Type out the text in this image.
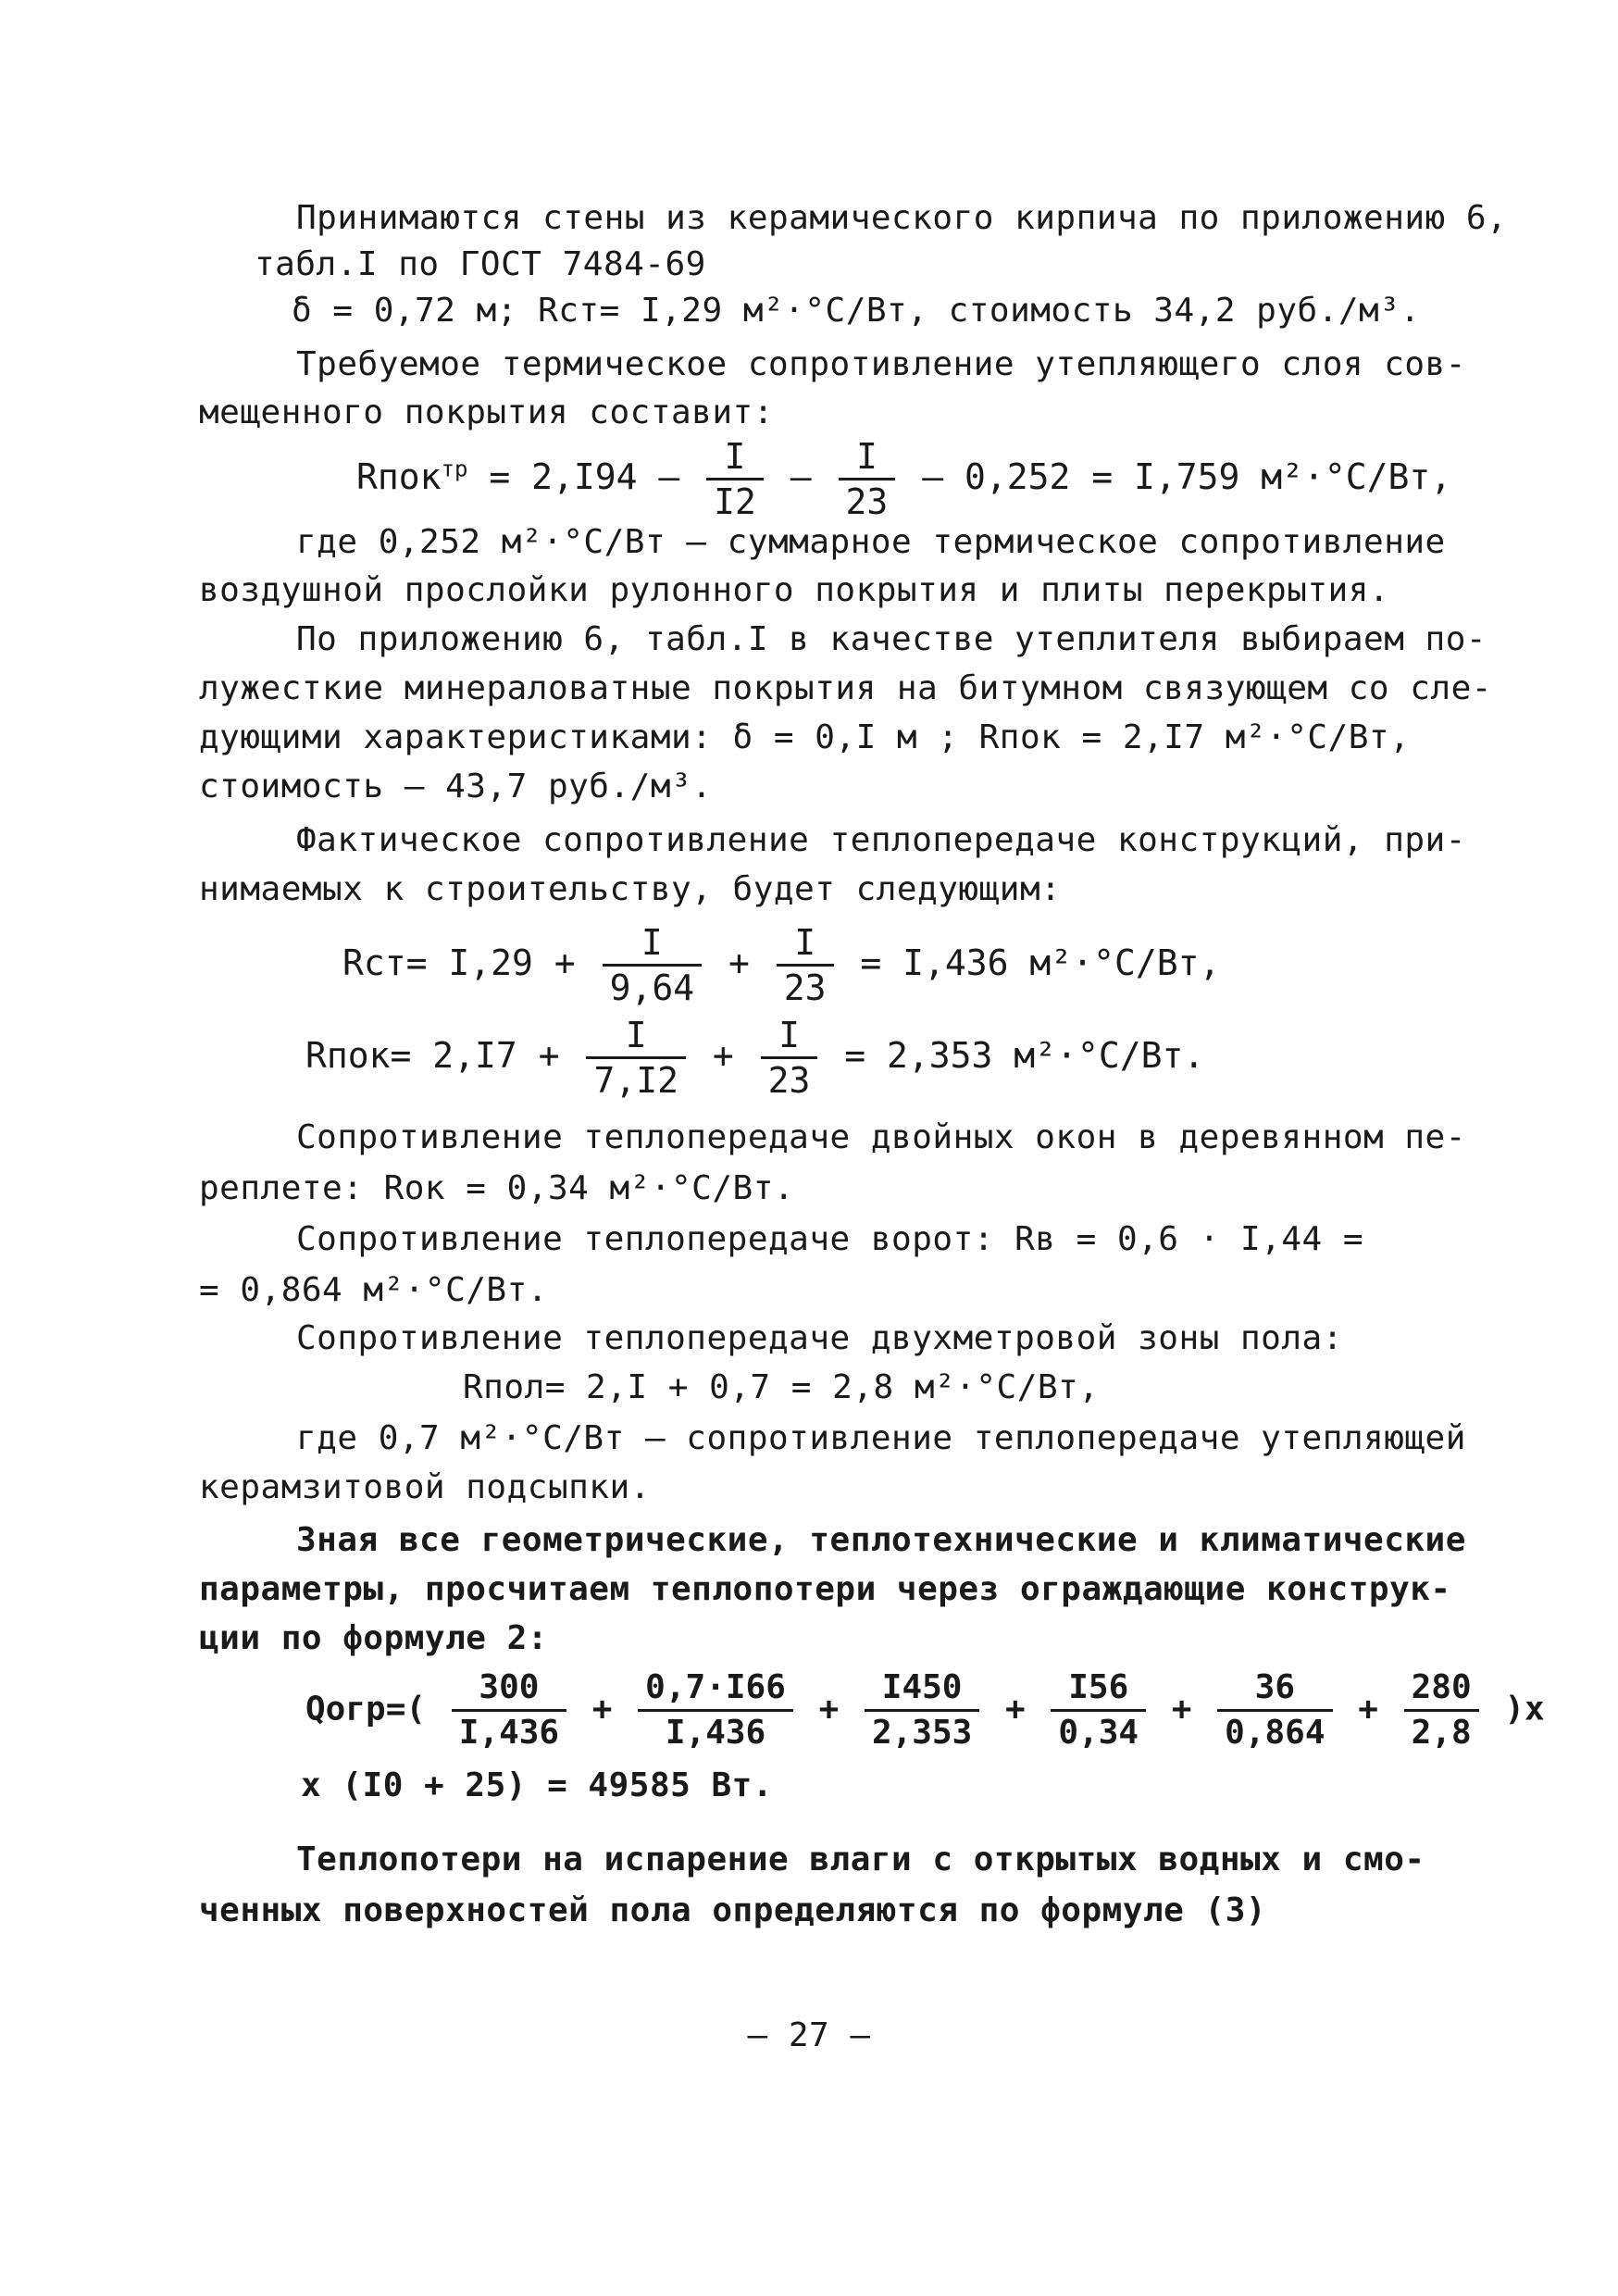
Принимаются стены из керамического кирпича по приложению 6,
табл.I по ГОСТ 7484-69
δ = 0,72 м; Rст= I,29 м²·°С/Вт, стоимость 34,2 руб./м³.
Требуемое термическое сопротивление утепляющего слоя сов-
мещенного покрытия составит:
Rпок$^{тр}$ = $2,I94 - \frac{I}{I2} - \frac{I}{23} - 0,252 = I,759$ м²·°С/Вт,
где 0,252 м²·°С/Вт – суммарное термическое сопротивление
воздушной прослойки рулонного покрытия и плиты перекрытия.
По приложению 6, табл.I в качестве утеплителя выбираем по-
лужесткие минераловатные покрытия на битумном связующем со сле-
дующими характеристиками: δ = 0,I м ; Rпок = 2,I7 м²·°С/Вт,
стоимость – 43,7 руб./м³.
Фактическое сопротивление теплопередаче конструкций, при-
нимаемых к строительству, будет следующим:
$Rст= I,29 + \frac{I}{9,64} + \frac{I}{23} = I,436$ м²·°С/Вт,
Rпок= $2,I7 + \frac{I}{7,I2} + \frac{I}{23} = 2,353$ м²·°С/Вт.
Сопротивление теплопередаче двойных окон в деревянном пе-
реплете: Rок = 0,34 м²·°С/Вт.
Сопротивление теплопередаче ворот: Rв = 0,6 · I,44 =
= 0,864 м²·°С/Вт.
Сопротивление теплопередаче двухметровой зоны пола:
Rпол= 2,I + 0,7 = 2,8 м²·°С/Вт,
где 0,7 м²·°С/Вт – сопротивление теплопередаче утепляющей
керамзитовой подсыпки.
Зная все геометрические, теплотехнические и климатические
параметры, просчитаем теплопотери через ограждающие конструк-
ции по формуле 2:
Qогр=( $\frac{300}{I,436} + \frac{0,7\cdot I66}{I,436} + \frac{I450}{2,353} + \frac{I56}{0,34} + \frac{36}{0,864} + \frac{280}{2,8} )х$
х (I0 + 25) = 49585 Вт.
Теплопотери на испарение влаги с открытых водных и смо-
ченных поверхностей пола определяются по формуле (3)
– 27 –
